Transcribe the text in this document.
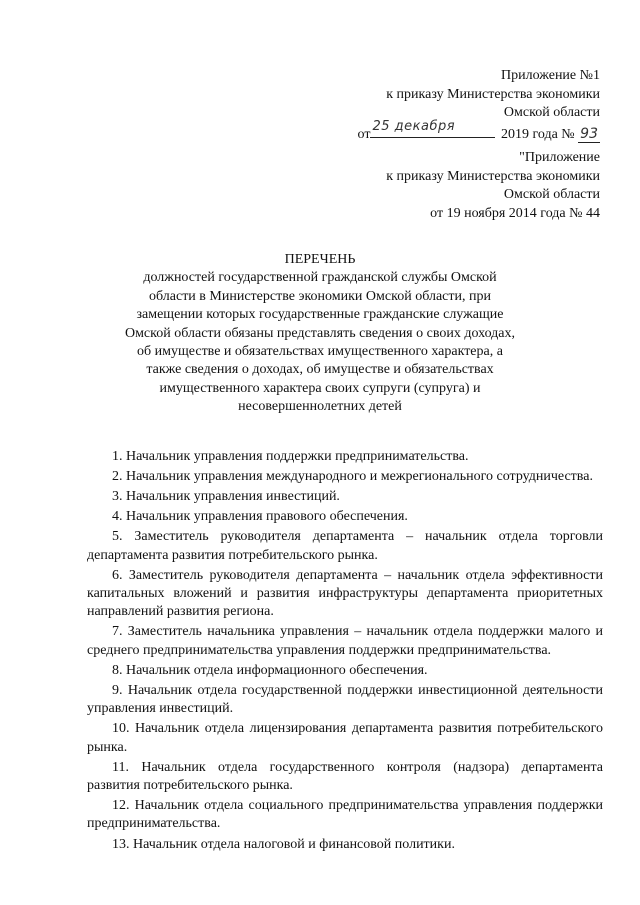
Приложение №1
к приказу Министерства экономики
Омской области
от 25 декабря	2019 года № 93
"Приложение
к приказу Министерства экономики
Омской области
от 19 ноября 2014 года № 44
ПЕРЕЧЕНЬ
должностей государственной гражданской службы Омской области в Министерстве экономики Омской области, при замещении которых государственные гражданские служащие Омской области обязаны представлять сведения о своих доходах, об имуществе и обязательствах имущественного характера, а также сведения о доходах, об имуществе и обязательствах имущественного характера своих супруги (супруга) и несовершеннолетних детей
1. Начальник управления поддержки предпринимательства.
2. Начальник управления международного и межрегионального сотрудничества.
3. Начальник управления инвестиций.
4. Начальник управления правового обеспечения.
5. Заместитель руководителя департамента – начальник отдела торговли департамента развития потребительского рынка.
6. Заместитель руководителя департамента – начальник отдела эффективности капитальных вложений и развития инфраструктуры департамента приоритетных направлений развития региона.
7. Заместитель начальника управления – начальник отдела поддержки малого и среднего предпринимательства управления поддержки предпринимательства.
8. Начальник отдела информационного обеспечения.
9. Начальник отдела государственной поддержки инвестиционной деятельности управления инвестиций.
10. Начальник отдела лицензирования департамента развития потребительского рынка.
11. Начальник отдела государственного контроля (надзора) департамента развития потребительского рынка.
12. Начальник отдела социального предпринимательства управления поддержки предпринимательства.
13. Начальник отдела налоговой и финансовой политики.
